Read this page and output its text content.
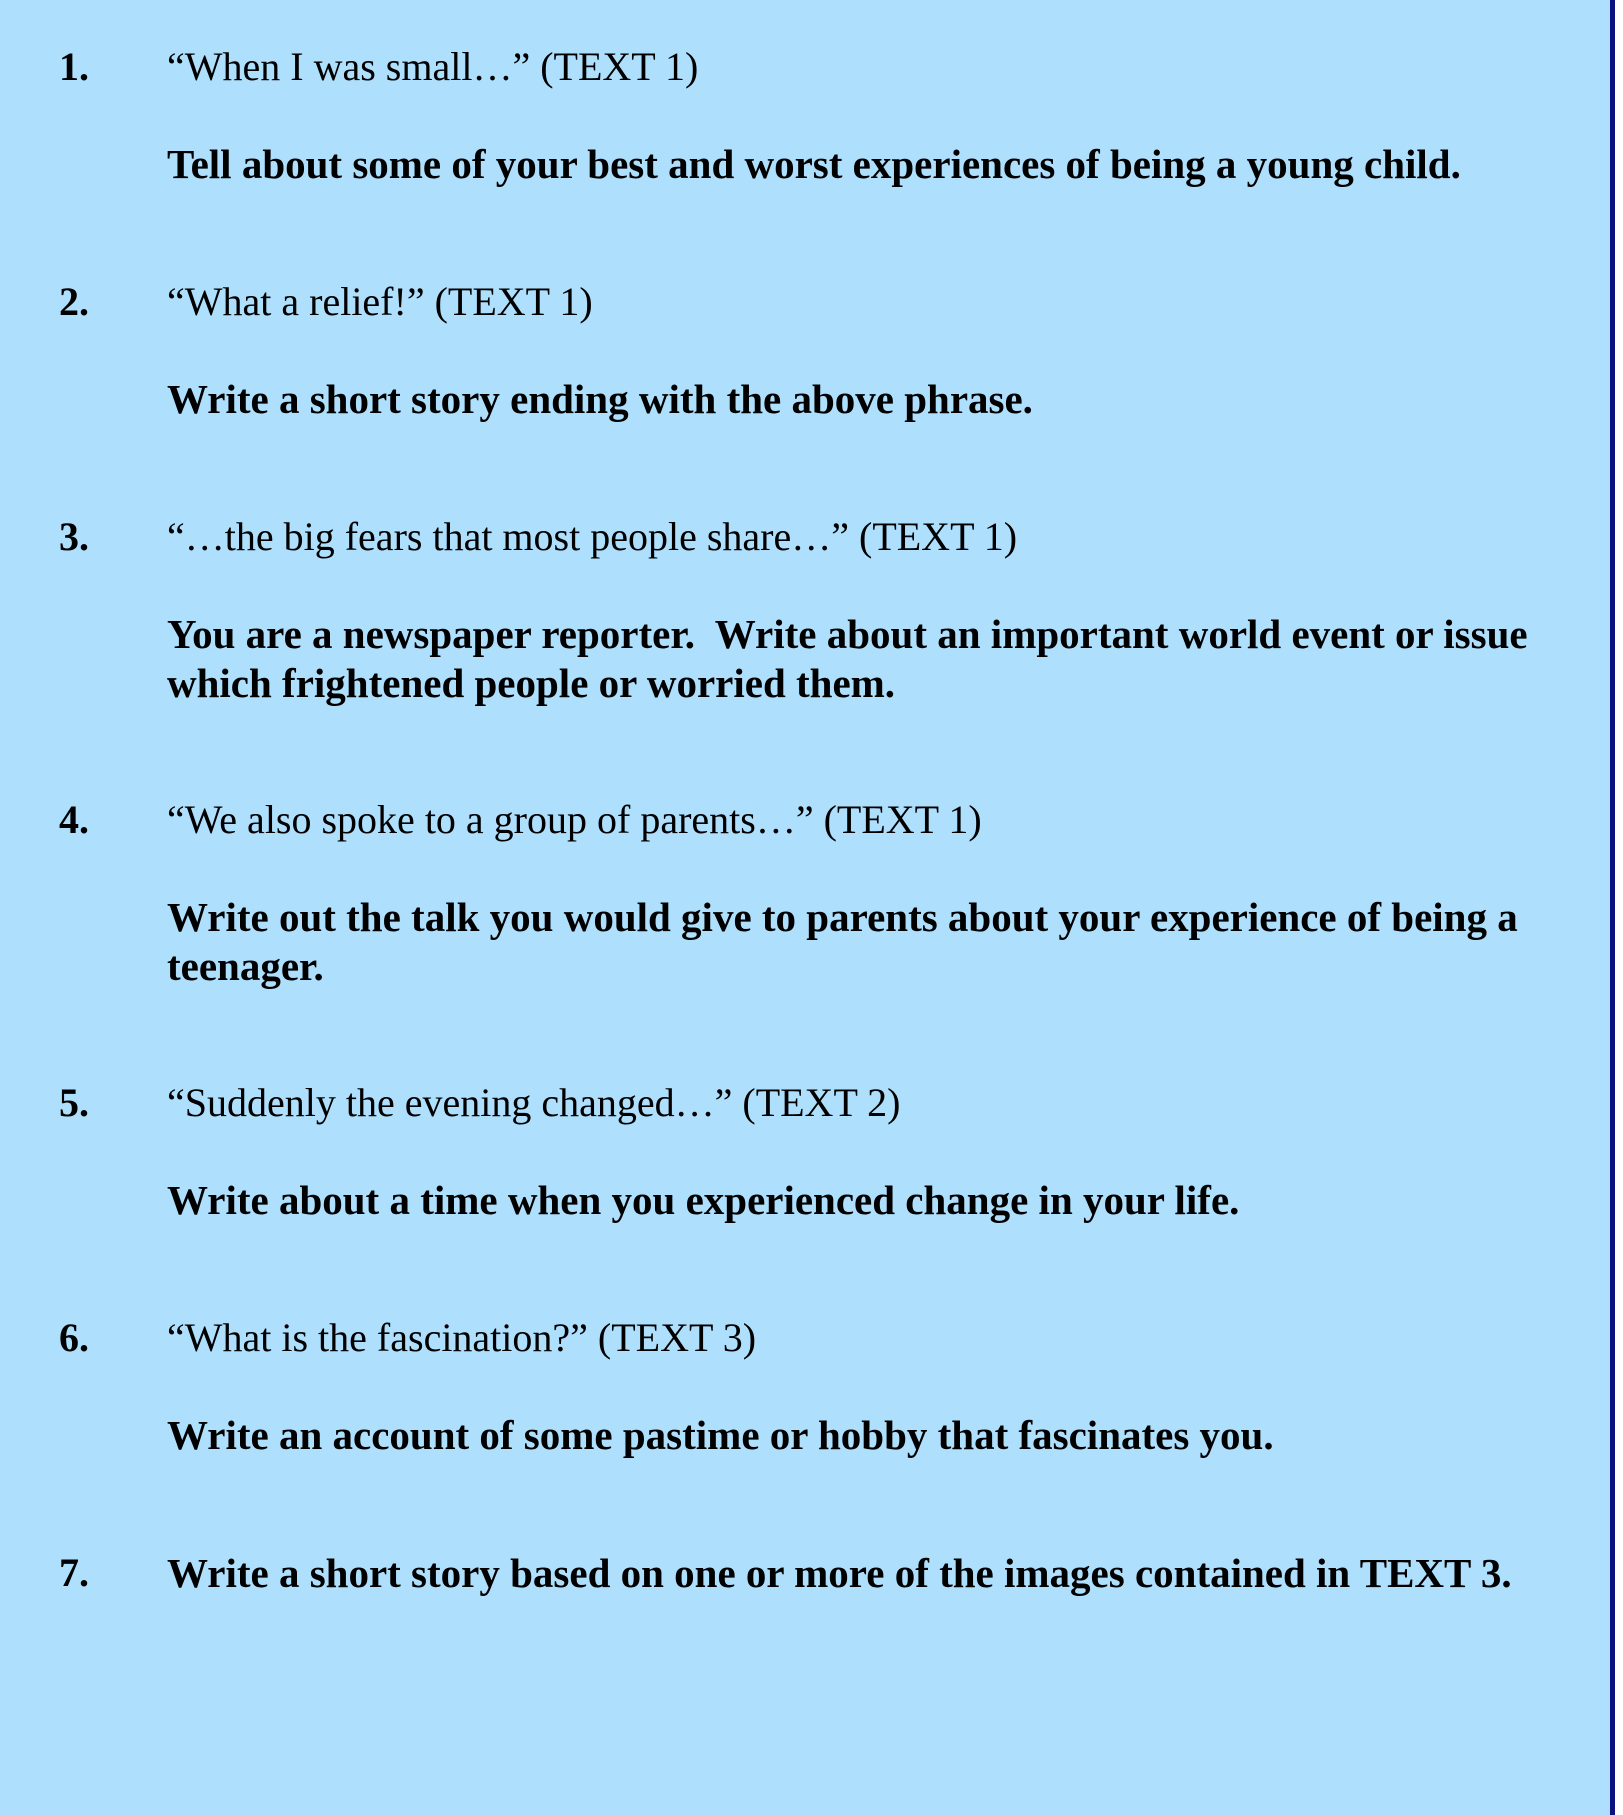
1. “When I was small…” (TEXT 1)
Tell about some of your best and worst experiences of being a young child.
2. “What a relief!” (TEXT 1)
Write a short story ending with the above phrase.
3. “…the big fears that most people share…” (TEXT 1)
You are a newspaper reporter.  Write about an important world event or issue
which frightened people or worried them.
4. “We also spoke to a group of parents…” (TEXT 1)
Write out the talk you would give to parents about your experience of being a
teenager.
5. “Suddenly the evening changed…” (TEXT 2)
Write about a time when you experienced change in your life.
6. “What is the fascination?” (TEXT 3)
Write an account of some pastime or hobby that fascinates you.
7. Write a short story based on one or more of the images contained in TEXT 3.
